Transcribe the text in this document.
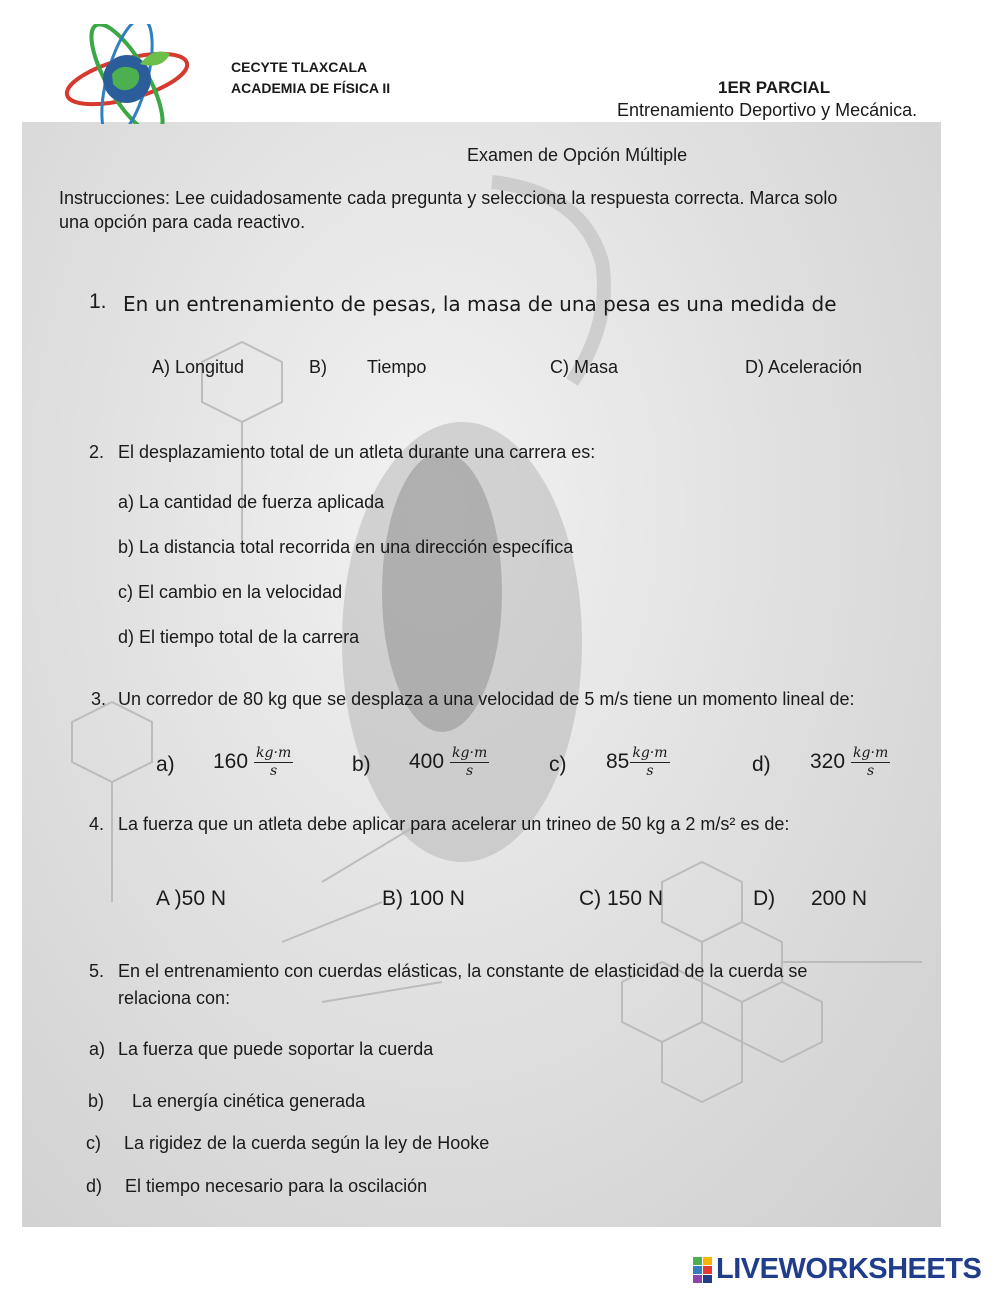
CECYTE TLAXCALA
ACADEMIA DE FÍSICA II	1ER PARCIAL
Entrenamiento Deportivo y Mecánica.
Examen de Opción Múltiple
Instrucciones: Lee cuidadosamente cada pregunta y selecciona la respuesta correcta. Marca solo
una opción para cada reactivo.
1. En un entrenamiento de pesas, la masa de una pesa es una medida de
A) Longitud	B) Tiempo	C) Masa	D) Aceleración
2. El desplazamiento total de un atleta durante una carrera es:
a) La cantidad de fuerza aplicada
b) La distancia total recorrida en una dirección específica
c) El cambio en la velocidad
d) El tiempo total de la carrera
3. Un corredor de 80 kg que se desplaza a una velocidad de 5 m/s tiene un momento lineal de:
a) $160 \frac{kg\cdot m}{s}$	b) $400 \frac{kg\cdot m}{s}$	c) $85 \frac{kg\cdot m}{s}$	d) $320 \frac{kg\cdot m}{s}$
4. La fuerza que un atleta debe aplicar para acelerar un trineo de 50 kg a 2 m/s² es de:
A )50 N	B) 100 N	C) 150 N	D) 200 N
5. En el entrenamiento con cuerdas elásticas, la constante de elasticidad de la cuerda se
relaciona con:
a) La fuerza que puede soportar la cuerda
b) La energía cinética generada
c) La rigidez de la cuerda según la ley de Hooke
d) El tiempo necesario para la oscilación
LIVEWORKSHEETS
